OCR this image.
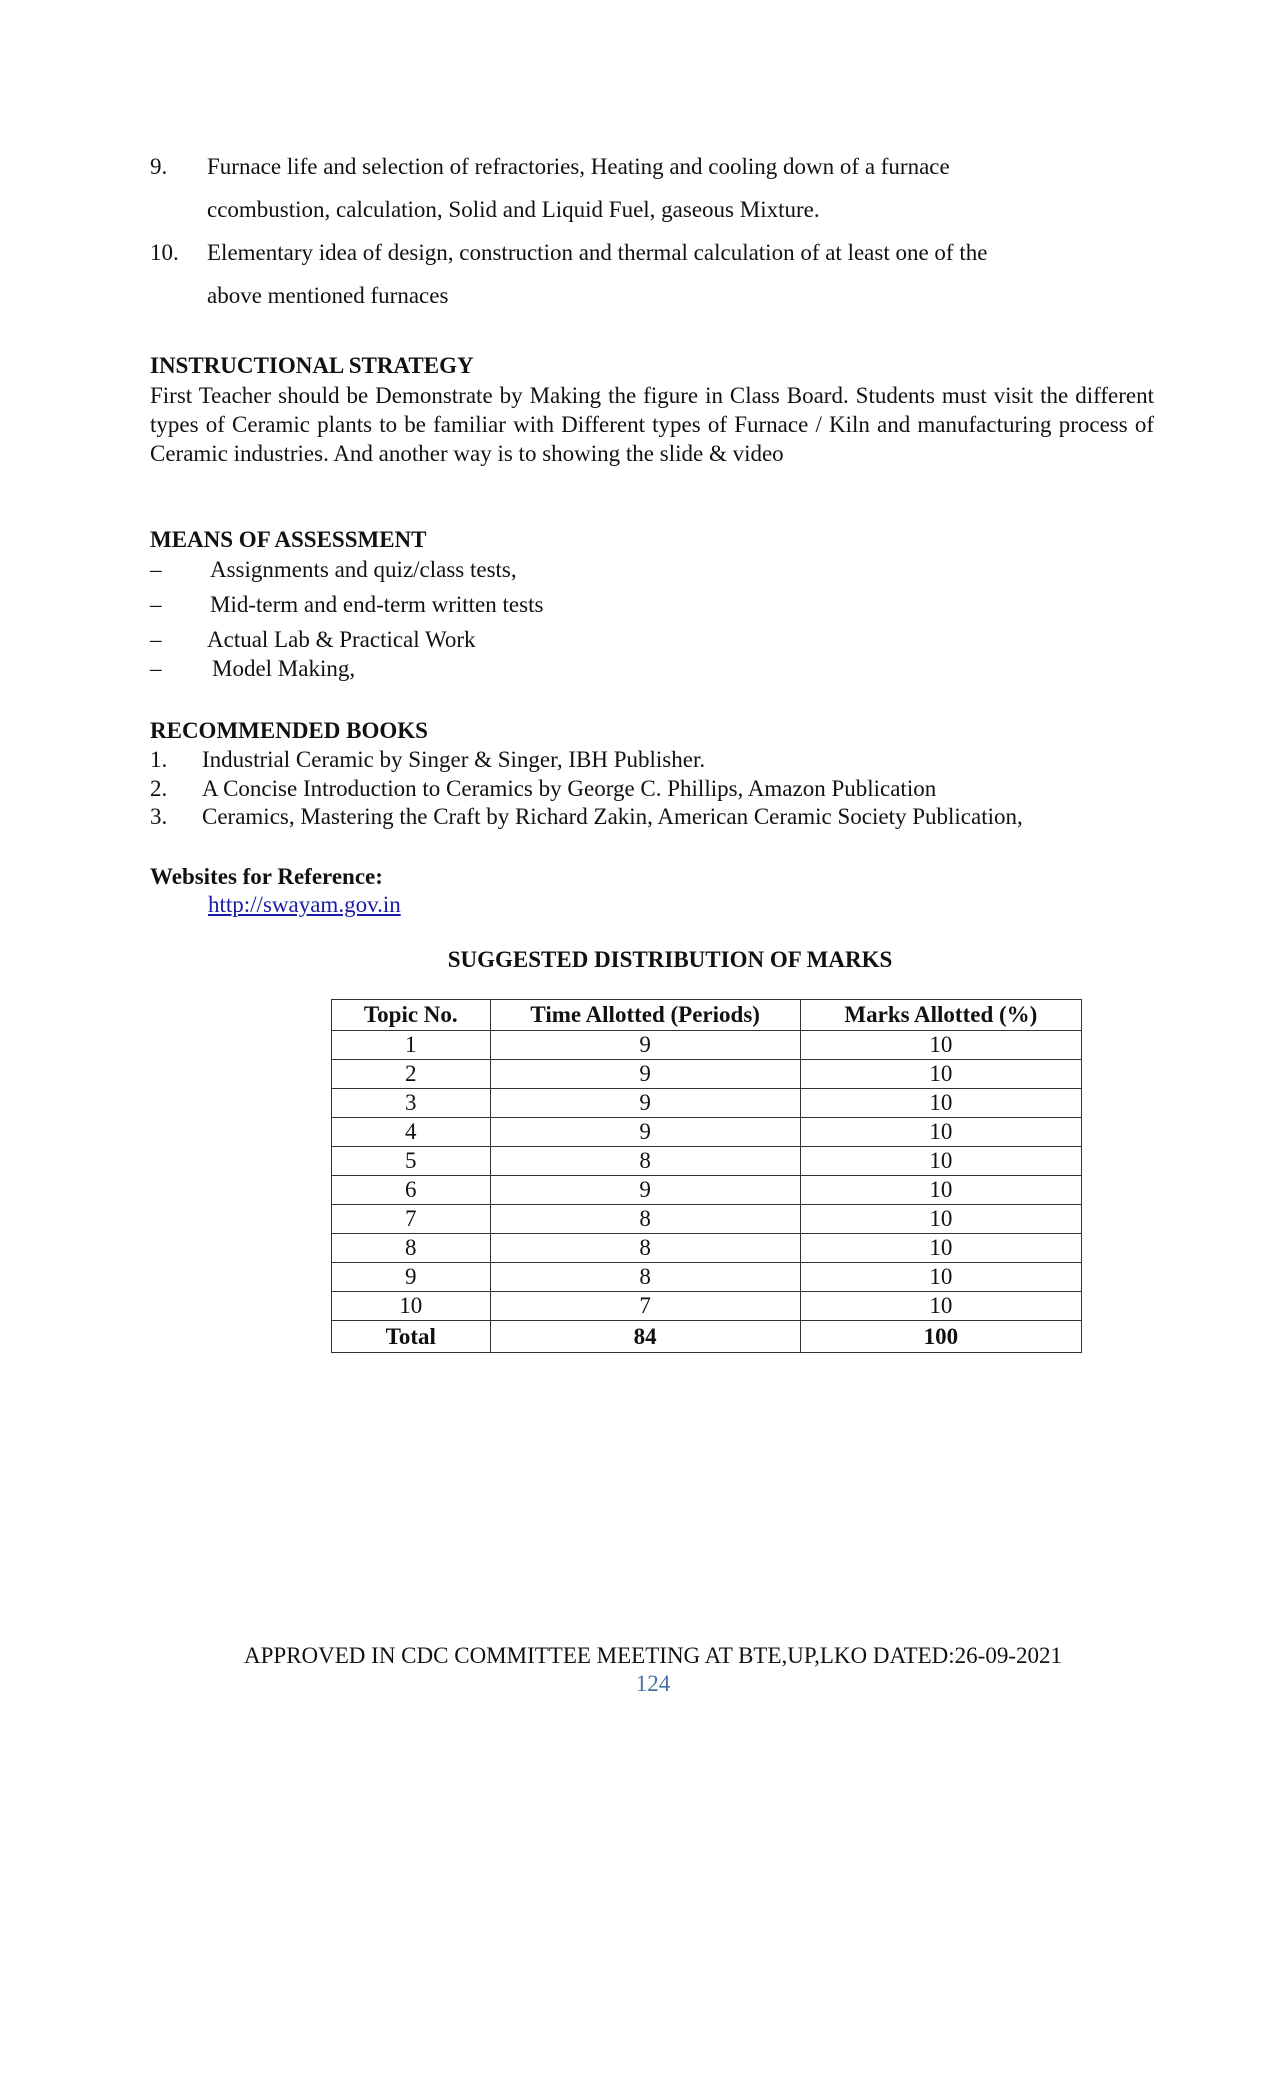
9. Furnace life and selection of refractories, Heating and cooling down of a furnace
ccombustion, calculation, Solid and Liquid Fuel, gaseous Mixture.
10. Elementary idea of design, construction and thermal calculation of at least one of the
above mentioned furnaces
INSTRUCTIONAL STRATEGY
First Teacher should be Demonstrate by Making the figure in Class Board. Students must visit the different types of Ceramic plants to be familiar with Different types of Furnace / Kiln and manufacturing process of Ceramic industries. And another way is to showing the slide & video
MEANS OF ASSESSMENT
– Assignments and quiz/class tests,
– Mid-term and end-term written tests
– Actual Lab & Practical Work
– Model Making,
RECOMMENDED BOOKS
1. Industrial Ceramic by Singer & Singer, IBH Publisher.
2. A Concise Introduction to Ceramics by George C. Phillips, Amazon Publication
3. Ceramics, Mastering the Craft by Richard Zakin, American Ceramic Society Publication,
Websites for Reference:
http://swayam.gov.in
SUGGESTED DISTRIBUTION OF MARKS
Topic No.	Time Allotted (Periods)	Marks Allotted (%)
1	9	10
2	9	10
3	9	10
4	9	10
5	8	10
6	9	10
7	8	10
8	8	10
9	8	10
10	7	10
Total	84	100
APPROVED IN CDC COMMITTEE MEETING AT BTE,UP,LKO DATED:26-09-2021
124
